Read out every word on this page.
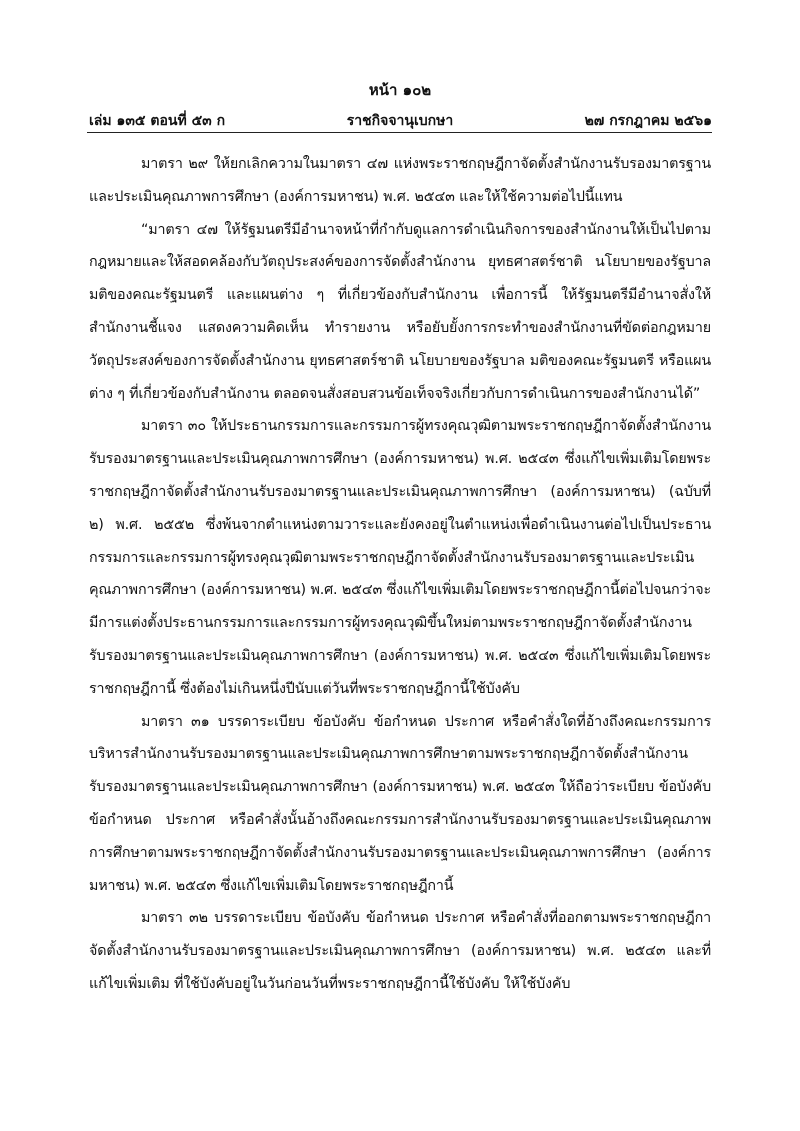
หน้า ๑๐๒
เล่ม ๑๓๕ ตอนที่ ๕๓ ก	ราชกิจจานุเบกษา	๒๗ กรกฎาคม ๒๕๖๑

มาตรา ๒๙ ให้ยกเลิกความในมาตรา ๔๗ แห่งพระราชกฤษฎีกาจัดตั้งสำนักงานรับรองมาตรฐานและประเมินคุณภาพการศึกษา (องค์การมหาชน) พ.ศ. ๒๕๔๓ และให้ใช้ความต่อไปนี้แทน

“มาตรา ๔๗ ให้รัฐมนตรีมีอำนาจหน้าที่กำกับดูแลการดำเนินกิจการของสำนักงานให้เป็นไปตามกฎหมายและให้สอดคล้องกับวัตถุประสงค์ของการจัดตั้งสำนักงาน ยุทธศาสตร์ชาติ นโยบายของรัฐบาล มติของคณะรัฐมนตรี และแผนต่าง ๆ ที่เกี่ยวข้องกับสำนักงาน เพื่อการนี้ ให้รัฐมนตรีมีอำนาจสั่งให้สำนักงานชี้แจง แสดงความคิดเห็น ทำรายงาน หรือยับยั้งการกระทำของสำนักงานที่ขัดต่อกฎหมาย วัตถุประสงค์ของการจัดตั้งสำนักงาน ยุทธศาสตร์ชาติ นโยบายของรัฐบาล มติของคณะรัฐมนตรี หรือแผนต่าง ๆ ที่เกี่ยวข้องกับสำนักงาน ตลอดจนสั่งสอบสวนข้อเท็จจริงเกี่ยวกับการดำเนินการของสำนักงานได้”

มาตรา ๓๐ ให้ประธานกรรมการและกรรมการผู้ทรงคุณวุฒิตามพระราชกฤษฎีกาจัดตั้งสำนักงานรับรองมาตรฐานและประเมินคุณภาพการศึกษา (องค์การมหาชน) พ.ศ. ๒๕๔๓ ซึ่งแก้ไขเพิ่มเติมโดยพระราชกฤษฎีกาจัดตั้งสำนักงานรับรองมาตรฐานและประเมินคุณภาพการศึกษา (องค์การมหาชน) (ฉบับที่ ๒) พ.ศ. ๒๕๕๒ ซึ่งพ้นจากตำแหน่งตามวาระและยังคงอยู่ในตำแหน่งเพื่อดำเนินงานต่อไปเป็นประธานกรรมการและกรรมการผู้ทรงคุณวุฒิตามพระราชกฤษฎีกาจัดตั้งสำนักงานรับรองมาตรฐานและประเมินคุณภาพการศึกษา (องค์การมหาชน) พ.ศ. ๒๕๔๓ ซึ่งแก้ไขเพิ่มเติมโดยพระราชกฤษฎีกานี้ต่อไปจนกว่าจะมีการแต่งตั้งประธานกรรมการและกรรมการผู้ทรงคุณวุฒิขึ้นใหม่ตามพระราชกฤษฎีกาจัดตั้งสำนักงานรับรองมาตรฐานและประเมินคุณภาพการศึกษา (องค์การมหาชน) พ.ศ. ๒๕๔๓ ซึ่งแก้ไขเพิ่มเติมโดยพระราชกฤษฎีกานี้ ซึ่งต้องไม่เกินหนึ่งปีนับแต่วันที่พระราชกฤษฎีกานี้ใช้บังคับ

มาตรา ๓๑ บรรดาระเบียบ ข้อบังคับ ข้อกำหนด ประกาศ หรือคำสั่งใดที่อ้างถึงคณะกรรมการบริหารสำนักงานรับรองมาตรฐานและประเมินคุณภาพการศึกษาตามพระราชกฤษฎีกาจัดตั้งสำนักงานรับรองมาตรฐานและประเมินคุณภาพการศึกษา (องค์การมหาชน) พ.ศ. ๒๕๔๓ ให้ถือว่าระเบียบ ข้อบังคับ ข้อกำหนด ประกาศ หรือคำสั่งนั้นอ้างถึงคณะกรรมการสำนักงานรับรองมาตรฐานและประเมินคุณภาพการศึกษาตามพระราชกฤษฎีกาจัดตั้งสำนักงานรับรองมาตรฐานและประเมินคุณภาพการศึกษา (องค์การมหาชน) พ.ศ. ๒๕๔๓ ซึ่งแก้ไขเพิ่มเติมโดยพระราชกฤษฎีกานี้

มาตรา ๓๒ บรรดาระเบียบ ข้อบังคับ ข้อกำหนด ประกาศ หรือคำสั่งที่ออกตามพระราชกฤษฎีกาจัดตั้งสำนักงานรับรองมาตรฐานและประเมินคุณภาพการศึกษา (องค์การมหาชน) พ.ศ. ๒๕๔๓ และที่แก้ไขเพิ่มเติม ที่ใช้บังคับอยู่ในวันก่อนวันที่พระราชกฤษฎีกานี้ใช้บังคับ ให้ใช้บังคับ
